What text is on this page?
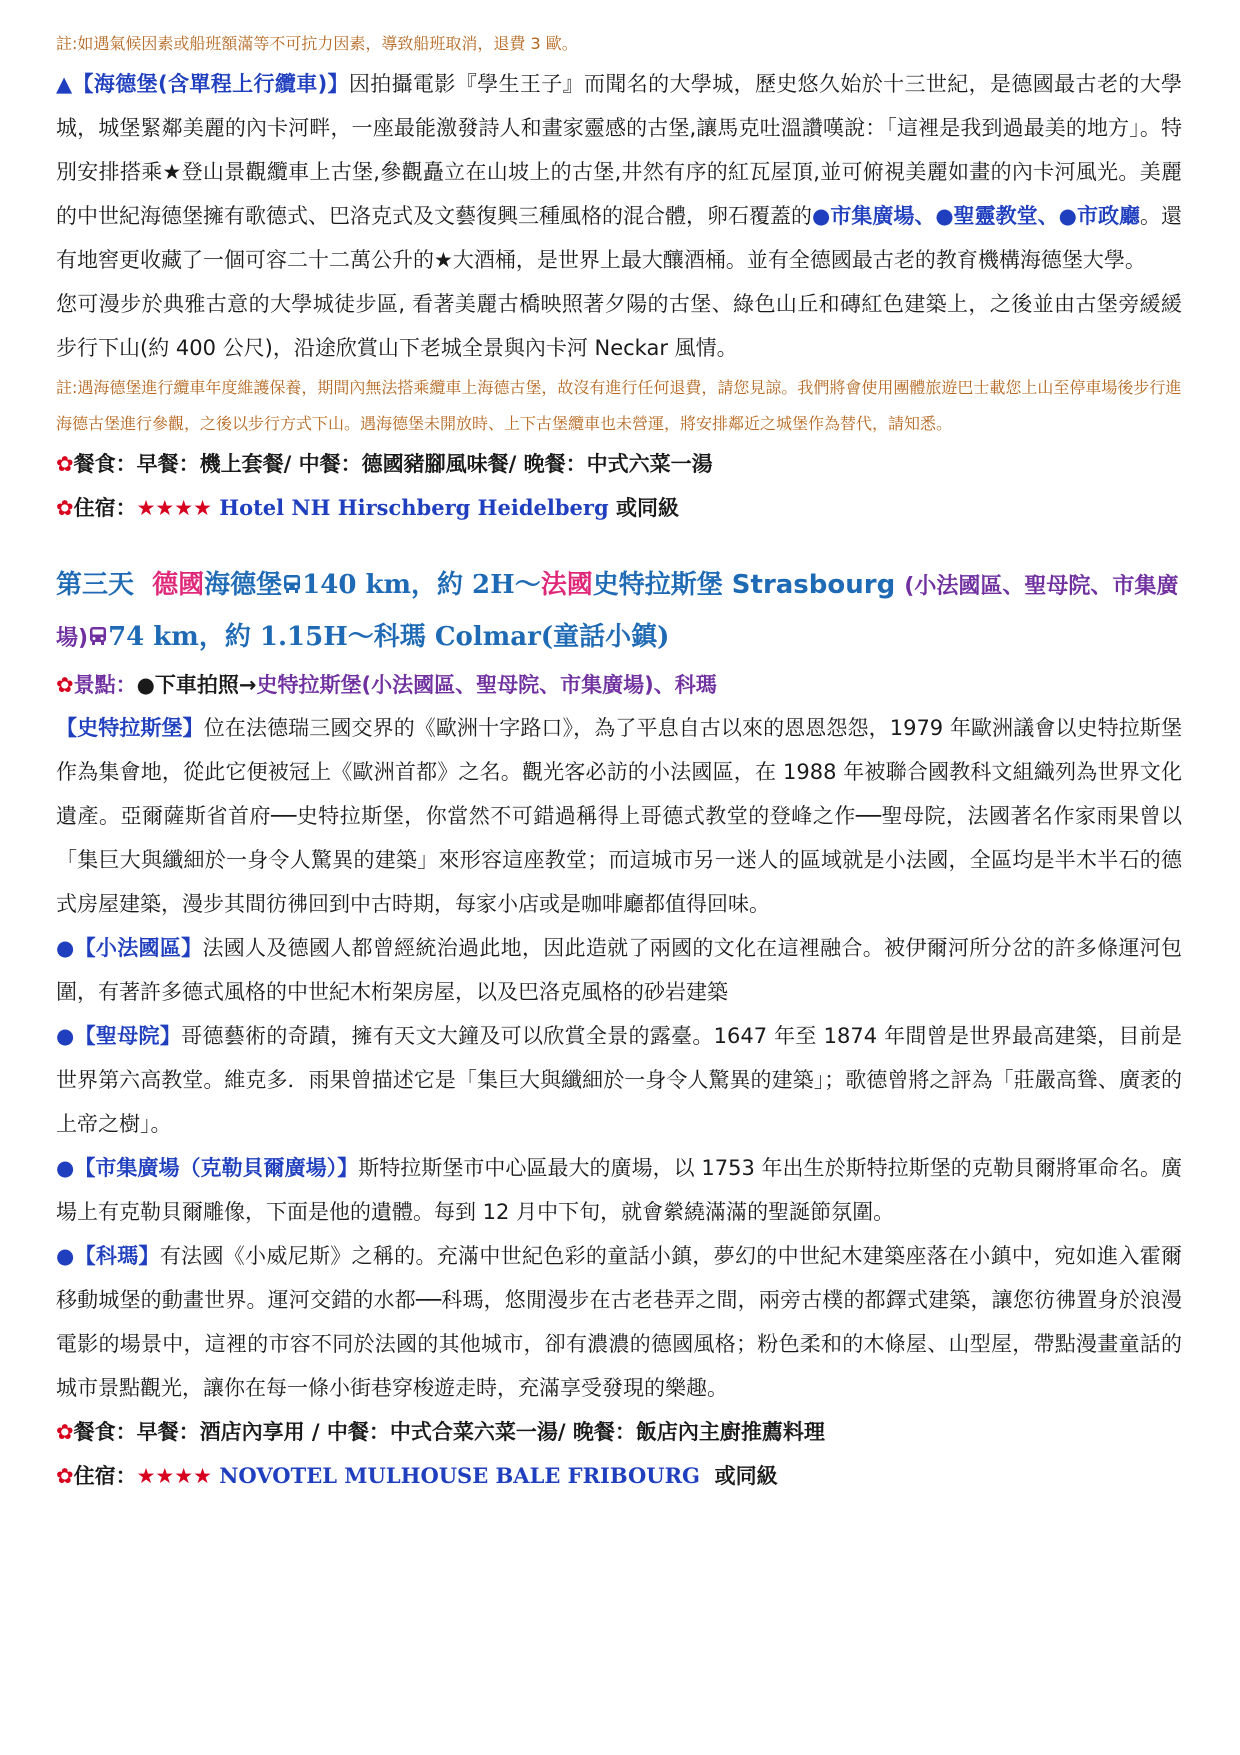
註:如遇氣候因素或船班額滿等不可抗力因素，導致船班取消，退費 3 歐。

▲【海德堡(含單程上行纜車)】因拍攝電影『學生王子』而聞名的大學城，歷史悠久始於十三世紀，是德國最古老的大學城，城堡緊鄰美麗的內卡河畔，一座最能激發詩人和畫家靈感的古堡,讓馬克吐溫讚嘆說：「這裡是我到過最美的地方」。特別安排搭乘★登山景觀纜車上古堡,參觀矗立在山坡上的古堡,井然有序的紅瓦屋頂,並可俯視美麗如畫的內卡河風光。美麗的中世紀海德堡擁有歌德式、巴洛克式及文藝復興三種風格的混合體，卵石覆蓋的●市集廣場、●聖靈教堂、●市政廳。還有地窖更收藏了一個可容二十二萬公升的★大酒桶，是世界上最大釀酒桶。並有全德國最古老的教育機構海德堡大學。

您可漫步於典雅古意的大學城徒步區, 看著美麗古橋映照著夕陽的古堡、綠色山丘和磚紅色建築上，之後並由古堡旁緩緩步行下山(約 400 公尺)，沿途欣賞山下老城全景與內卡河 Neckar 風情。

註:遇海德堡進行纜車年度維護保養，期間內無法搭乘纜車上海德古堡，故沒有進行任何退費，請您見諒。我們將會使用團體旅遊巴士載您上山至停車場後步行進海德古堡進行參觀，之後以步行方式下山。遇海德堡未開放時、上下古堡纜車也未營運，將安排鄰近之城堡作為替代，請知悉。

✿餐食：早餐：機上套餐/ 中餐：德國豬腳風味餐/ 晚餐：中式六菜一湯

✿住宿：★★★★ Hotel NH Hirschberg Heidelberg 或同級

第三天 德國海德堡 140 km，約 2H～法國史特拉斯堡 Strasbourg (小法國區、聖母院、市集廣場) 74 km，約 1.15H～科瑪 Colmar(童話小鎮)

✿景點：●下車拍照→史特拉斯堡(小法國區、聖母院、市集廣場)、科瑪

【史特拉斯堡】位在法德瑞三國交界的《歐洲十字路口》，為了平息自古以來的恩恩怨怨，1979 年歐洲議會以史特拉斯堡作為集會地，從此它便被冠上《歐洲首都》之名。觀光客必訪的小法國區，在 1988 年被聯合國教科文組織列為世界文化遺產。亞爾薩斯省首府──史特拉斯堡，你當然不可錯過稱得上哥德式教堂的登峰之作──聖母院，法國著名作家雨果曾以「集巨大與纖細於一身令人驚異的建築」來形容這座教堂；而這城市另一迷人的區域就是小法國，全區均是半木半石的德式房屋建築，漫步其間彷彿回到中古時期，每家小店或是咖啡廳都值得回味。

●【小法國區】法國人及德國人都曾經統治過此地，因此造就了兩國的文化在這裡融合。被伊爾河所分岔的許多條運河包圍，有著許多德式風格的中世紀木桁架房屋，以及巴洛克風格的砂岩建築

●【聖母院】哥德藝術的奇蹟，擁有天文大鐘及可以欣賞全景的露臺。1647 年至 1874 年間曾是世界最高建築，目前是世界第六高教堂。維克多．雨果曾描述它是「集巨大與纖細於一身令人驚異的建築」；歌德曾將之評為「莊嚴高聳、廣袤的上帝之樹」。

●【市集廣場（克勒貝爾廣場）】斯特拉斯堡市中心區最大的廣場，以 1753 年出生於斯特拉斯堡的克勒貝爾將軍命名。廣場上有克勒貝爾雕像，下面是他的遺體。每到 12 月中下旬，就會縈繞滿滿的聖誕節氛圍。

●【科瑪】有法國《小威尼斯》之稱的。充滿中世紀色彩的童話小鎮，夢幻的中世紀木建築座落在小鎮中，宛如進入霍爾移動城堡的動畫世界。運河交錯的水都──科瑪，悠閒漫步在古老巷弄之間，兩旁古樸的都鐸式建築，讓您彷彿置身於浪漫電影的場景中，這裡的市容不同於法國的其他城市，卻有濃濃的德國風格；粉色柔和的木條屋、山型屋，帶點漫畫童話的城市景點觀光，讓你在每一條小街巷穿梭遊走時，充滿享受發現的樂趣。

✿餐食：早餐：酒店內享用 / 中餐：中式合菜六菜一湯/ 晚餐：飯店內主廚推薦料理

✿住宿：★★★★ NOVOTEL MULHOUSE BALE FRIBOURG 或同級
